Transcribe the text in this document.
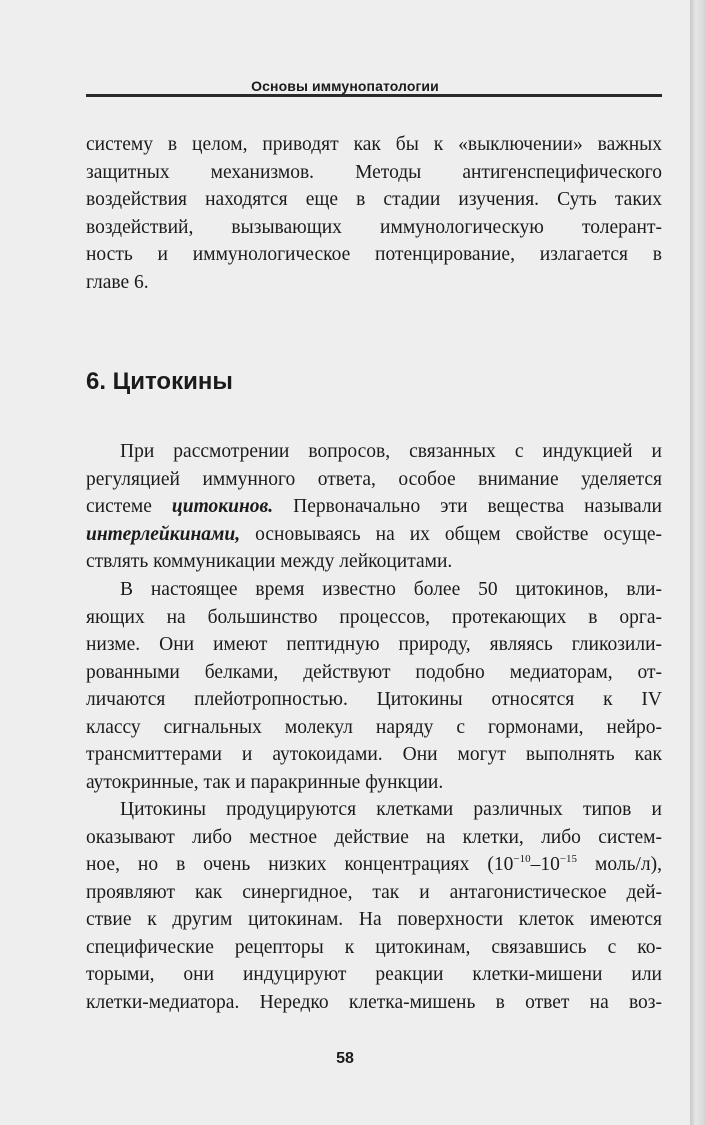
Основы иммунопатологии
систему в целом, приводят как бы к «выключении» важных
защитных механизмов. Методы антигенспецифического
воздействия находятся еще в стадии изучения. Суть таких
воздействий, вызывающих иммунологическую толерант-
ность и иммунологическое потенцирование, излагается в
главе 6.
6. Цитокины
При рассмотрении вопросов, связанных с индукцией и
регуляцией иммунного ответа, особое внимание уделяется
системе цитокинов. Первоначально эти вещества называли
интерлейкинами, основываясь на их общем свойстве осуще-
ствлять коммуникации между лейкоцитами.
В настоящее время известно более 50 цитокинов, вли-
яющих на большинство процессов, протекающих в орга-
низме. Они имеют пептидную природу, являясь гликозили-
рованными белками, действуют подобно медиаторам, от-
личаются плейотропностью. Цитокины относятся к IV
классу сигнальных молекул наряду с гормонами, нейро-
трансмиттерами и аутокоидами. Они могут выполнять как
аутокринные, так и паракринные функции.
Цитокины продуцируются клетками различных типов и
оказывают либо местное действие на клетки, либо систем-
ное, но в очень низких концентрациях ($10^{-10}-10^{-15}$ моль/л),
проявляют как синергидное, так и антагонистическое дей-
ствие к другим цитокинам. На поверхности клеток имеются
специфические рецепторы к цитокинам, связавшись с ко-
торыми, они индуцируют реакции клетки-мишени или
клетки-медиатора. Нередко клетка-мишень в ответ на воз-
58
